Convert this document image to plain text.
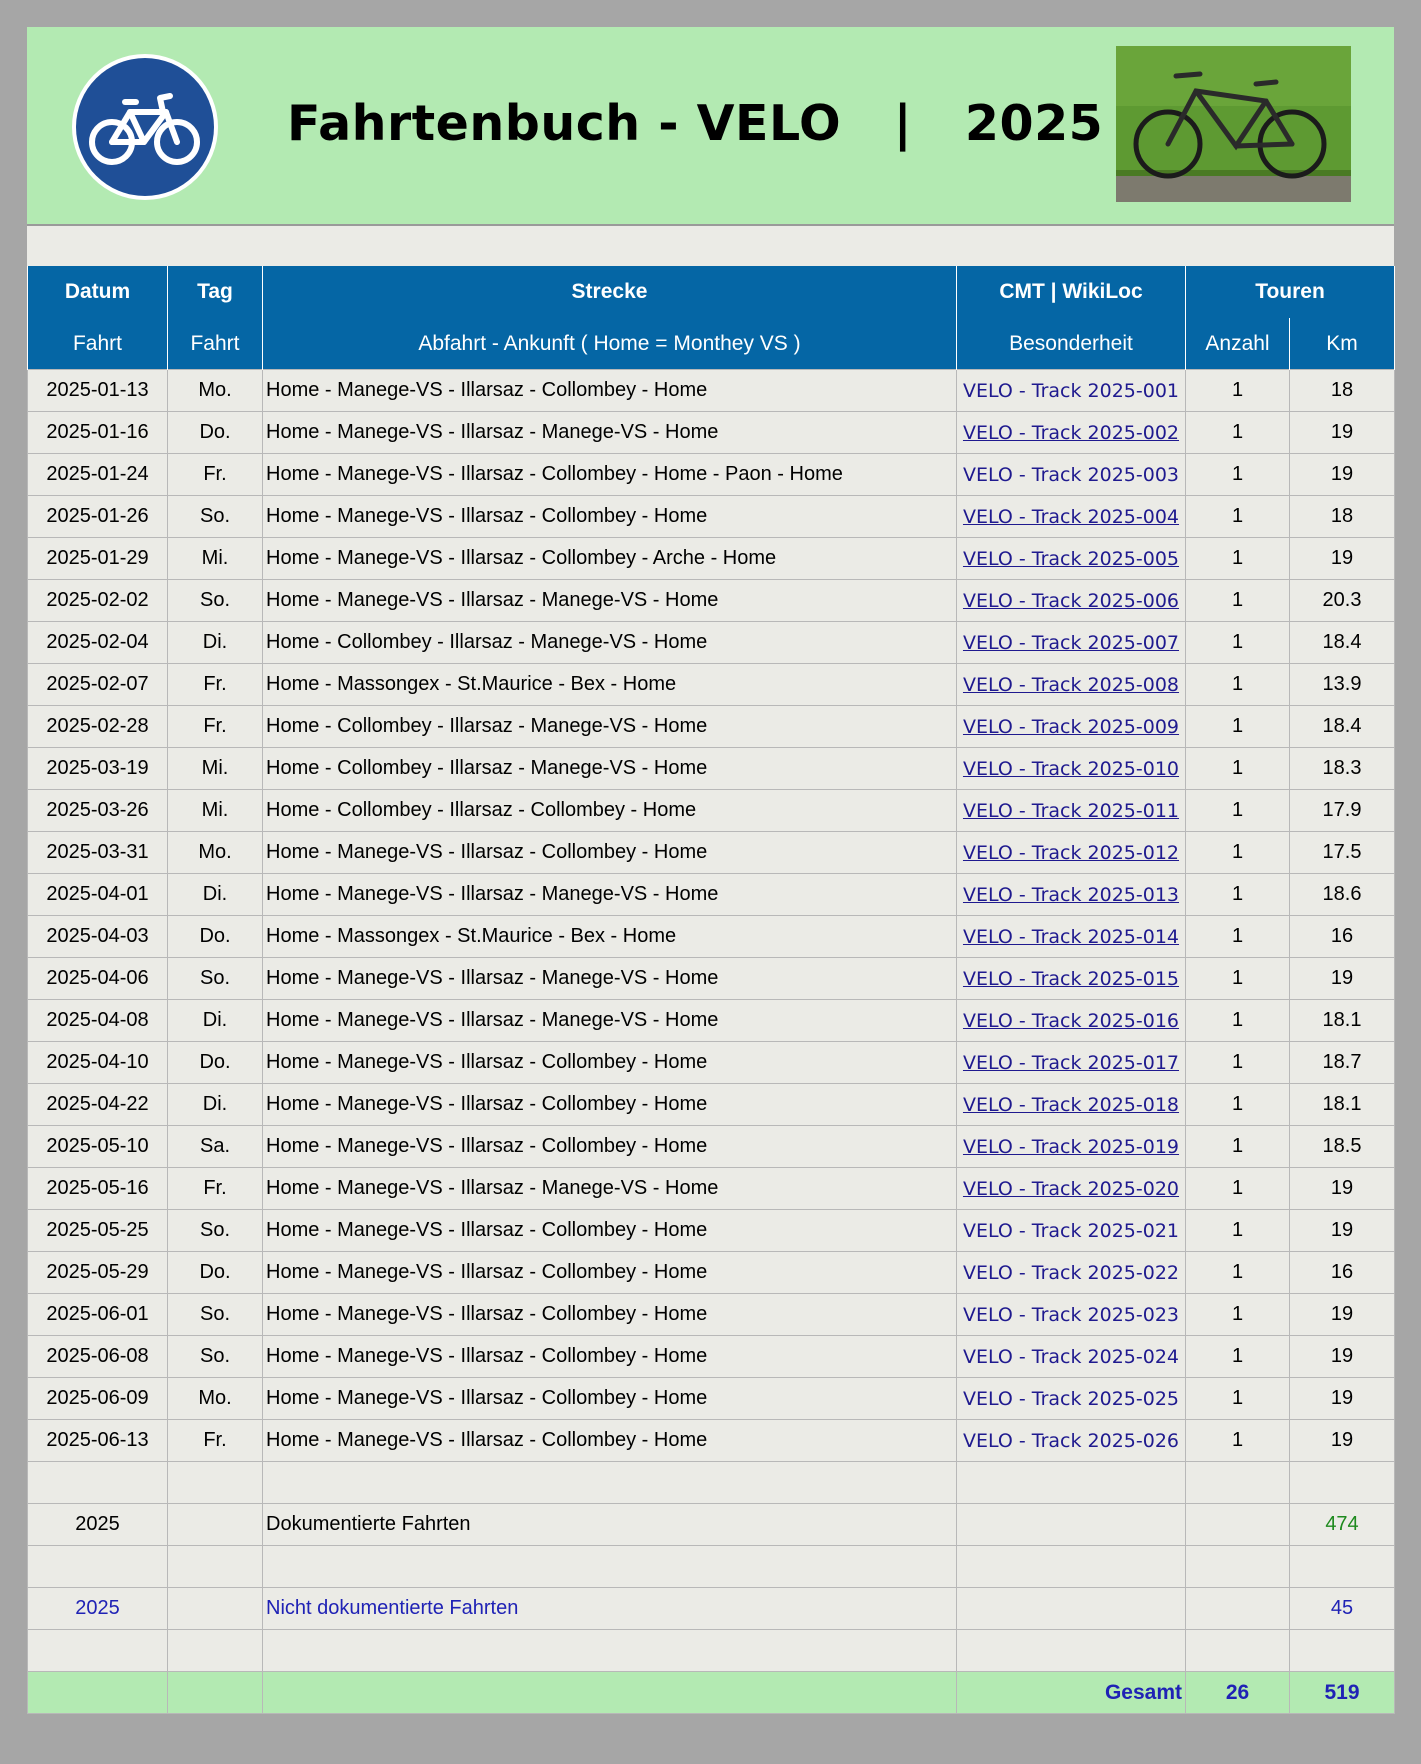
Fahrtenbuch - VELO   |   2025
Datum	Tag	Strecke	CMT | WikiLoc	Touren	
Fahrt	Fahrt	Abfahrt - Ankunft ( Home = Monthey VS )	Besonderheit	Anzahl	Km
2025-01-13	Mo.	Home - Manege-VS - Illarsaz - Collombey - Home	VELO - Track 2025-001	1	18
2025-01-16	Do.	Home - Manege-VS - Illarsaz - Manege-VS - Home	VELO - Track 2025-002	1	19
2025-01-24	Fr.	Home - Manege-VS - Illarsaz - Collombey - Home - Paon - Home	VELO - Track 2025-003	1	19
2025-01-26	So.	Home - Manege-VS - Illarsaz - Collombey - Home	VELO - Track 2025-004	1	18
2025-01-29	Mi.	Home - Manege-VS - Illarsaz - Collombey - Arche - Home	VELO - Track 2025-005	1	19
2025-02-02	So.	Home - Manege-VS - Illarsaz - Manege-VS - Home	VELO - Track 2025-006	1	20.3
2025-02-04	Di.	Home - Collombey - Illarsaz - Manege-VS - Home	VELO - Track 2025-007	1	18.4
2025-02-07	Fr.	Home - Massongex - St.Maurice - Bex - Home	VELO - Track 2025-008	1	13.9
2025-02-28	Fr.	Home - Collombey - Illarsaz - Manege-VS - Home	VELO - Track 2025-009	1	18.4
2025-03-19	Mi.	Home - Collombey - Illarsaz - Manege-VS - Home	VELO - Track 2025-010	1	18.3
2025-03-26	Mi.	Home - Collombey - Illarsaz - Collombey - Home	VELO - Track 2025-011	1	17.9
2025-03-31	Mo.	Home - Manege-VS - Illarsaz - Collombey - Home	VELO - Track 2025-012	1	17.5
2025-04-01	Di.	Home - Manege-VS - Illarsaz - Manege-VS - Home	VELO - Track 2025-013	1	18.6
2025-04-03	Do.	Home - Massongex - St.Maurice - Bex - Home	VELO - Track 2025-014	1	16
2025-04-06	So.	Home - Manege-VS - Illarsaz - Manege-VS - Home	VELO - Track 2025-015	1	19
2025-04-08	Di.	Home - Manege-VS - Illarsaz - Manege-VS - Home	VELO - Track 2025-016	1	18.1
2025-04-10	Do.	Home - Manege-VS - Illarsaz - Collombey - Home	VELO - Track 2025-017	1	18.7
2025-04-22	Di.	Home - Manege-VS - Illarsaz - Collombey - Home	VELO - Track 2025-018	1	18.1
2025-05-10	Sa.	Home - Manege-VS - Illarsaz - Collombey - Home	VELO - Track 2025-019	1	18.5
2025-05-16	Fr.	Home - Manege-VS - Illarsaz - Manege-VS - Home	VELO - Track 2025-020	1	19
2025-05-25	So.	Home - Manege-VS - Illarsaz - Collombey - Home	VELO - Track 2025-021	1	19
2025-05-29	Do.	Home - Manege-VS - Illarsaz - Collombey - Home	VELO - Track 2025-022	1	16
2025-06-01	So.	Home - Manege-VS - Illarsaz - Collombey - Home	VELO - Track 2025-023	1	19
2025-06-08	So.	Home - Manege-VS - Illarsaz - Collombey - Home	VELO - Track 2025-024	1	19
2025-06-09	Mo.	Home - Manege-VS - Illarsaz - Collombey - Home	VELO - Track 2025-025	1	19
2025-06-13	Fr.	Home - Manege-VS - Illarsaz - Collombey - Home	VELO - Track 2025-026	1	19

2025		Dokumentierte Fahrten			474

2025		Nicht dokumentierte Fahrten			45

			Gesamt	26	519
